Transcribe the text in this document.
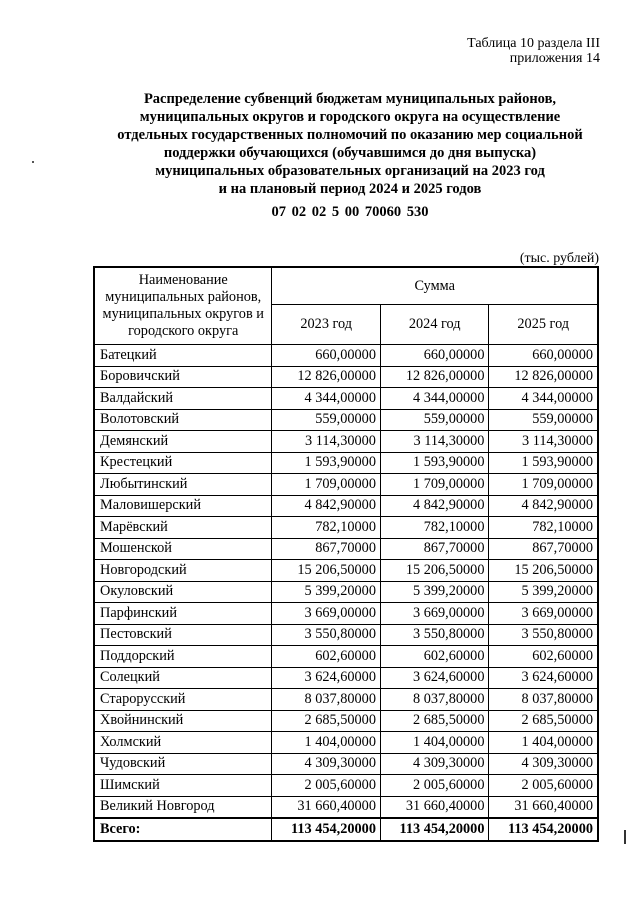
Таблица 10 раздела III
приложения 14
Распределение субвенций бюджетам муниципальных районов,
муниципальных округов и городского округа на осуществление
отдельных государственных полномочий по оказанию мер социальной
поддержки обучающихся (обучавшимся до дня выпуска)
муниципальных образовательных организаций на 2023 год
и на плановый период 2024 и 2025 годов
07 02 02 5 00 70060 530
(тыс. рублей)
Наименование муниципальных районов, муниципальных округов и городского округа	Сумма		
	2023 год	2024 год	2025 год
Батецкий	660,00000	660,00000	660,00000
Боровичский	12 826,00000	12 826,00000	12 826,00000
Валдайский	4 344,00000	4 344,00000	4 344,00000
Волотовский	559,00000	559,00000	559,00000
Демянский	3 114,30000	3 114,30000	3 114,30000
Крестецкий	1 593,90000	1 593,90000	1 593,90000
Любытинский	1 709,00000	1 709,00000	1 709,00000
Маловишерский	4 842,90000	4 842,90000	4 842,90000
Марёвский	782,10000	782,10000	782,10000
Мошенской	867,70000	867,70000	867,70000
Новгородский	15 206,50000	15 206,50000	15 206,50000
Окуловский	5 399,20000	5 399,20000	5 399,20000
Парфинский	3 669,00000	3 669,00000	3 669,00000
Пестовский	3 550,80000	3 550,80000	3 550,80000
Поддорский	602,60000	602,60000	602,60000
Солецкий	3 624,60000	3 624,60000	3 624,60000
Старорусский	8 037,80000	8 037,80000	8 037,80000
Хвойнинский	2 685,50000	2 685,50000	2 685,50000
Холмский	1 404,00000	1 404,00000	1 404,00000
Чудовский	4 309,30000	4 309,30000	4 309,30000
Шимский	2 005,60000	2 005,60000	2 005,60000
Великий Новгород	31 660,40000	31 660,40000	31 660,40000
Всего:	113 454,20000	113 454,20000	113 454,20000
